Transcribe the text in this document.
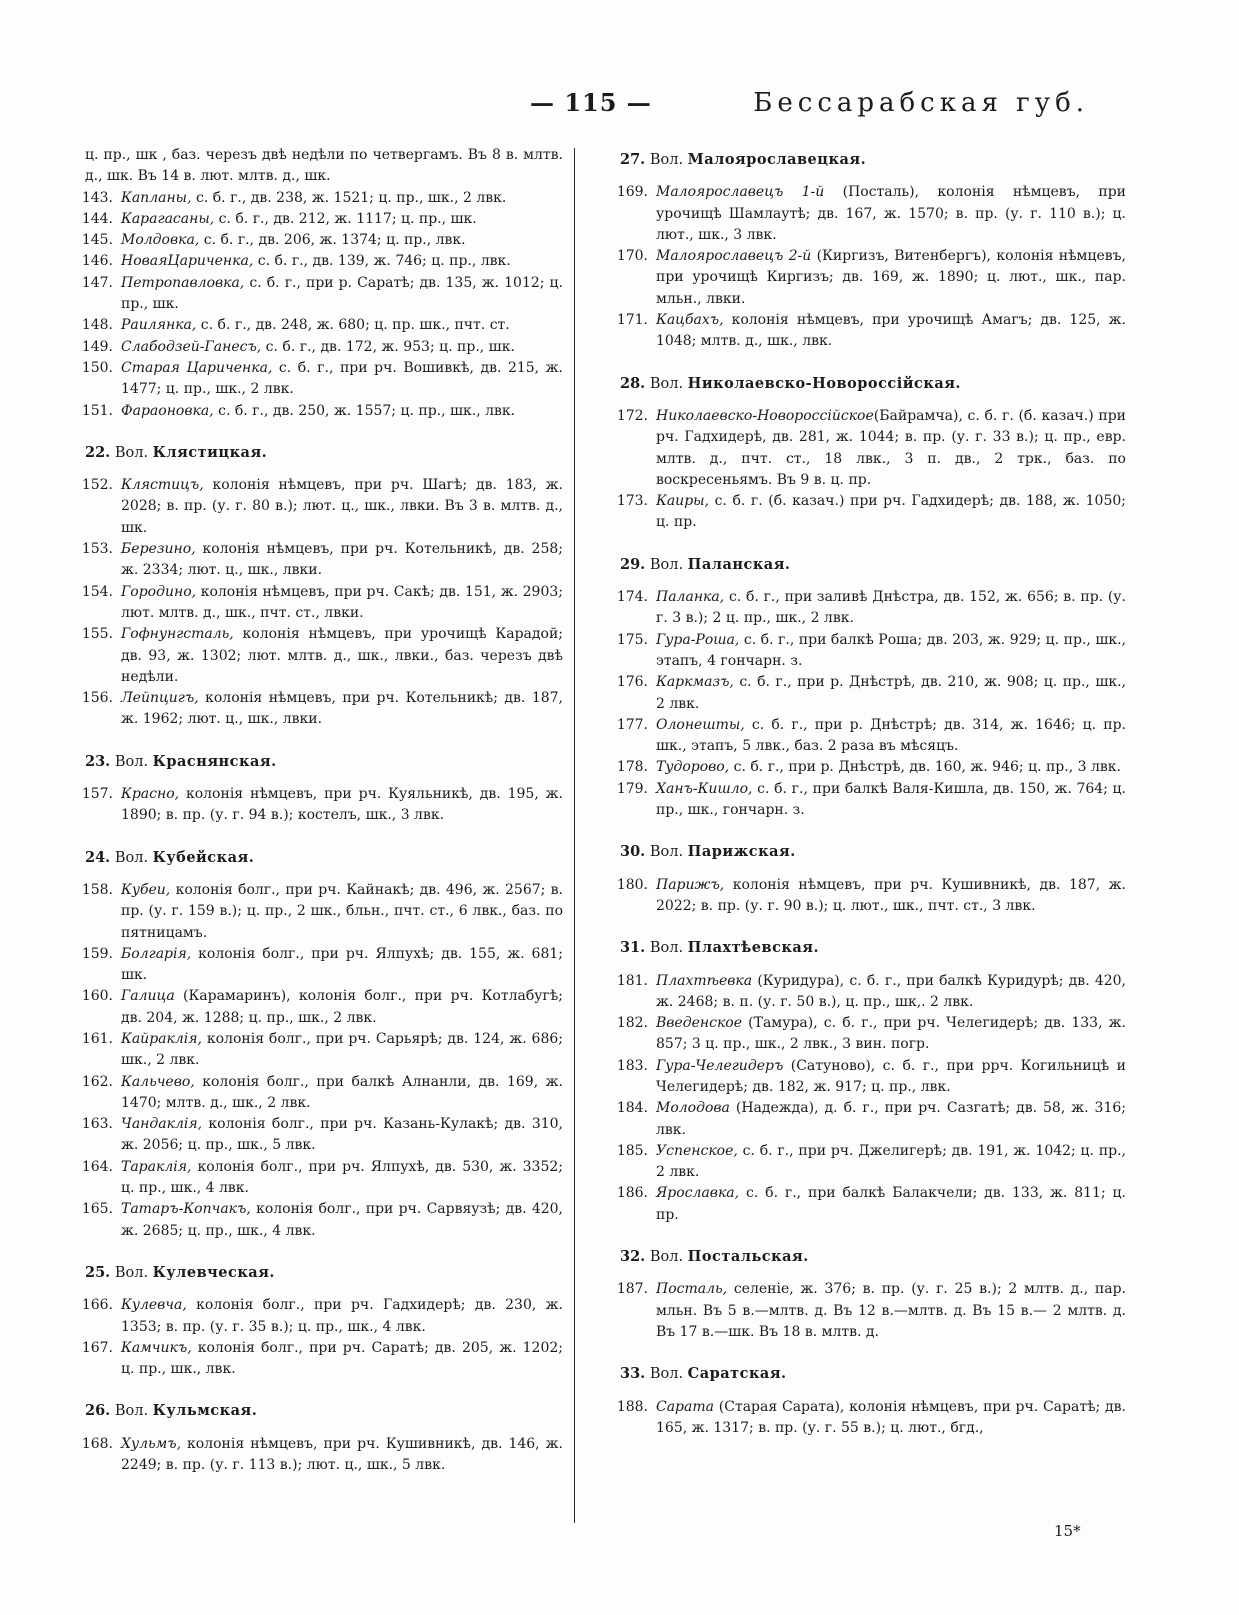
— 115 —	Бессарабская губ.
ц. пр., шк , баз. черезъ двѣ недѣли по четвергамъ. Въ 8 в. млтв. д., шк. Въ 14 в. лют. млтв. д., шк.
143. Капланы, с. б. г., дв. 238, ж. 1521; ц. пр., шк., 2 лвк.
144. Карагасаны, с. б. г., дв. 212, ж. 1117; ц. пр., шк.
145. Молдовка, с. б. г., дв. 206, ж. 1374; ц. пр., лвк.
146. НоваяЦариченка, с. б. г., дв. 139, ж. 746; ц. пр., лвк.
147. Петропавловка, с. б. г., при р. Саратѣ; дв. 135, ж. 1012; ц. пр., шк.
148. Раилянка, с. б. г., дв. 248, ж. 680; ц. пр. шк., пчт. ст.
149. Слабодзей-Ганесъ, с. б. г., дв. 172, ж. 953; ц. пр., шк.
150. Старая Цариченка, с. б. г., при рч. Вошивкѣ, дв. 215, ж. 1477; ц. пр., шк., 2 лвк.
151. Фараоновка, с. б. г., дв. 250, ж. 1557; ц. пр., шк., лвк.
22. Вол. Клястицкая.
152. Клястицъ, колонія нѣмцевъ, при рч. Шагѣ; дв. 183, ж. 2028; в. пр. (у. г. 80 в.); лют. ц., шк., лвки. Въ 3 в. млтв. д., шк.
153. Березино, колонія нѣмцевъ, при рч. Котельникѣ, дв. 258; ж. 2334; лют. ц., шк., лвки.
154. Городино, колонія нѣмцевъ, при рч. Сакѣ; дв. 151, ж. 2903; лют. млтв. д., шк., пчт. ст., лвки.
155. Гофнунгсталь, колонія нѣмцевъ, при урочищѣ Карадой; дв. 93, ж. 1302; лют. млтв. д., шк., лвки., баз. черезъ двѣ недѣли.
156. Лейпцигъ, колонія нѣмцевъ, при рч. Котельникѣ; дв. 187, ж. 1962; лют. ц., шк., лвки.
23. Вол. Краснянская.
157. Красно, колонія нѣмцевъ, при рч. Куяльникѣ, дв. 195, ж. 1890; в. пр. (у. г. 94 в.); костелъ, шк., 3 лвк.
24. Вол. Кубейская.
158. Кубеи, колонія болг., при рч. Кайнакѣ; дв. 496, ж. 2567; в. пр. (у. г. 159 в.); ц. пр., 2 шк., бльн., пчт. ст., 6 лвк., баз. по пятницамъ.
159. Болгарія, колонія болг., при рч. Ялпухѣ; дв. 155, ж. 681; шк.
160. Галица (Карамаринъ), колонія болг., при рч. Котлабугѣ; дв. 204, ж. 1288; ц. пр., шк., 2 лвк.
161. Кайраклія, колонія болг., при рч. Сарьярѣ; дв. 124, ж. 686; шк., 2 лвк.
162. Кальчево, колонія болг., при балкѣ Алнанли, дв. 169, ж. 1470; млтв. д., шк., 2 лвк.
163. Чандаклія, колонія болг., при рч. Казань-Кулакѣ; дв. 310, ж. 2056; ц. пр., шк., 5 лвк.
164. Тараклія, колонія болг., при рч. Ялпухѣ, дв. 530, ж. 3352; ц. пр., шк., 4 лвк.
165. Татаръ-Копчакъ, колонія болг., при рч. Сарвяузѣ; дв. 420, ж. 2685; ц. пр., шк., 4 лвк.
25. Вол. Кулевческая.
166. Кулевча, колонія болг., при рч. Гадхидерѣ; дв. 230, ж. 1353; в. пр. (у. г. 35 в.); ц. пр., шк., 4 лвк.
167. Камчикъ, колонія болг., при рч. Саратѣ; дв. 205, ж. 1202; ц. пр., шк., лвк.
26. Вол. Кульмская.
168. Хульмъ, колонія нѣмцевъ, при рч. Кушивникѣ, дв. 146, ж. 2249; в. пр. (у. г. 113 в.); лют. ц., шк., 5 лвк.
27. Вол. Малоярославецкая.
169. Малоярославецъ 1-й (Посталь), колонія нѣмцевъ, при урочищѣ Шамлаутѣ; дв. 167, ж. 1570; в. пр. (у. г. 110 в.); ц. лют., шк., 3 лвк.
170. Малоярославецъ 2-й (Киргизъ, Витенбергъ), колонія нѣмцевъ, при урочищѣ Киргизъ; дв. 169, ж. 1890; ц. лют., шк., пар. мльн., лвки.
171. Кацбахъ, колонія нѣмцевъ, при урочищѣ Амагъ; дв. 125, ж. 1048; млтв. д., шк., лвк.
28. Вол. Николаевско-Новороссійская.
172. Николаевско-Новороссійское(Байрамча), с. б. г. (б. казач.) при рч. Гадхидерѣ, дв. 281, ж. 1044; в. пр. (у. г. 33 в.); ц. пр., евр. млтв. д., пчт. ст., 18 лвк., 3 п. дв., 2 трк., баз. по воскресеньямъ. Въ 9 в. ц. пр.
173. Каиры, с. б. г. (б. казач.) при рч. Гадхидерѣ; дв. 188, ж. 1050; ц. пр.
29. Вол. Паланская.
174. Паланка, с. б. г., при заливѣ Днѣстра, дв. 152, ж. 656; в. пр. (у. г. 3 в.); 2 ц. пр., шк., 2 лвк.
175. Гура-Роша, с. б. г., при балкѣ Роша; дв. 203, ж. 929; ц. пр., шк., этапъ, 4 гончарн. з.
176. Каркмазъ, с. б. г., при р. Днѣстрѣ, дв. 210, ж. 908; ц. пр., шк., 2 лвк.
177. Олонешты, с. б. г., при р. Днѣстрѣ; дв. 314, ж. 1646; ц. пр. шк., этапъ, 5 лвк., баз. 2 раза въ мѣсяцъ.
178. Тудорово, с. б. г., при р. Днѣстрѣ, дв. 160, ж. 946; ц. пр., 3 лвк.
179. Ханъ-Кишло, с. б. г., при балкѣ Валя-Кишла, дв. 150, ж. 764; ц. пр., шк., гончарн. з.
30. Вол. Парижская.
180. Парижъ, колонія нѣмцевъ, при рч. Кушивникѣ, дв. 187, ж. 2022; в. пр. (у. г. 90 в.); ц. лют., шк., пчт. ст., 3 лвк.
31. Вол. Плахтѣевская.
181. Плахтѣевка (Куридура), с. б. г., при балкѣ Куридурѣ; дв. 420, ж. 2468; в. п. (у. г. 50 в.), ц. пр., шк,. 2 лвк.
182. Введенское (Тамура), с. б. г., при рч. Челегидерѣ; дв. 133, ж. 857; 3 ц. пр., шк., 2 лвк., 3 вин. погр.
183. Гура-Челегидеръ (Сатуново), с. б. г., при ррч. Когильницѣ и Челегидерѣ; дв. 182, ж. 917; ц. пр., лвк.
184. Молодова (Надежда), д. б. г., при рч. Сазгатѣ; дв. 58, ж. 316; лвк.
185. Успенское, с. б. г., при рч. Джелигерѣ; дв. 191, ж. 1042; ц. пр., 2 лвк.
186. Ярославка, с. б. г., при балкѣ Балакчели; дв. 133, ж. 811; ц. пр.
32. Вол. Постальская.
187. Посталь, селеніе, ж. 376; в. пр. (у. г. 25 в.); 2 млтв. д., пар. мльн. Въ 5 в.—млтв. д. Въ 12 в.—млтв. д. Въ 15 в.— 2 млтв. д. Въ 17 в.—шк. Въ 18 в. млтв. д.
33. Вол. Саратская.
188. Сарата (Старая Сарата), колонія нѣмцевъ, при рч. Саратѣ; дв. 165, ж. 1317; в. пр. (у. г. 55 в.); ц. лют., бгд.,
15*
